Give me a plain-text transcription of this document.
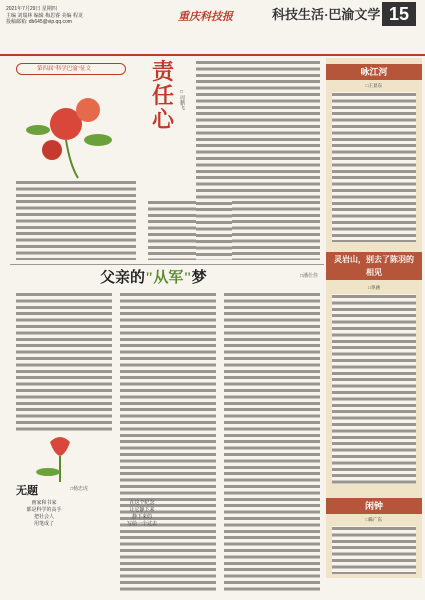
2021年7月29日 星期四
主编 刘瑞林 编辑 梅思睿 美编 程龙
投稿邮箱: db645@vip.qq.com	重庆科技报	科技生活·巴渝文学 15
第四届"科学巴渝"征文	责任心
□周鹏飞
父亲的"从军"梦	□潘仕佳
无题	□杨忠虎
画家和书家
都是科学的高手
把社会人
用笔成了
在这个纪念
让它静下来
静下来的
写给一个过去
咏江河
□王显东
灵岩山，别去了陈羽的相见
□李涵
闲钟
□陈广东
